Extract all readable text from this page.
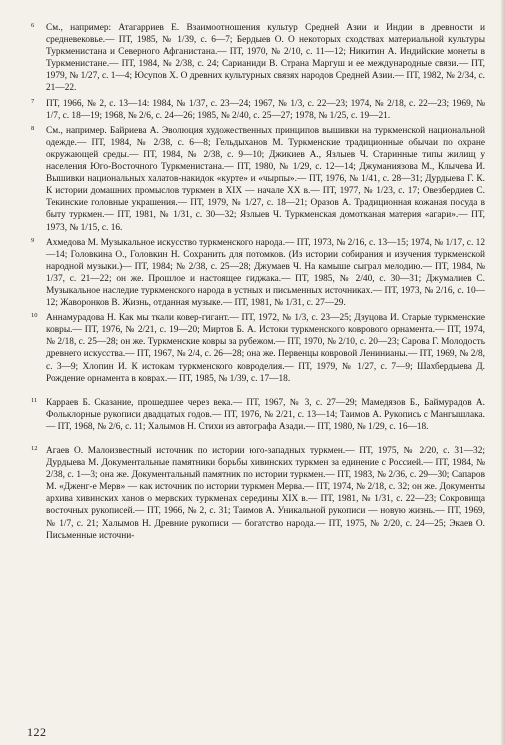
6 См., например: Атагарриев Е. Взаимоотношения культур Средней Азии и Индии в древности и средневековье.— ПТ, 1985, № 1/39, с. 6—7; Бердыев О. О некоторых сходствах материальной культуры Туркменистана и Северного Афганистана.— ПТ, 1970, № 2/10, с. 11—12; Никитин А. Индийские монеты в Туркменистане.— ПТ, 1984, № 2/38, с. 24; Сарианиди В. Страна Маргуш и ее международные связи.— ПТ, 1979, № 1/27, с. 1—4; Юсупов Х. О древних культурных связях народов Средней Азии.— ПТ, 1982, № 2/34, с. 21—22.

7 ПТ, 1966, № 2, с. 13—14: 1984, № 1/37, с. 23—24; 1967, № 1/3, с. 22—23; 1974, № 2/18, с. 22—23; 1969, № 1/7, с. 18—19; 1968, № 2/6, с. 24—26; 1985, № 2/40, с. 25—27; 1978, № 1/25, с. 19—21.

8 См., например. Байриева А. Эволюция художественных принципов вышивки на туркменской национальной одежде.— ПТ, 1984, № 2/38, с. 6—8; Гельдыханов М. Туркменские традиционные обычаи по охране окружающей среды.— ПТ, 1984, № 2/38, с. 9—10; Джикиев А., Язлыев Ч. Старинные типы жилищ у населения Юго-Восточного Туркменистана.— ПТ, 1980, № 1/29, с. 12—14; Джуманиязова М., Клычева И. Вышивки национальных халатов-накидок «курте» и «чырпы».— ПТ, 1976, № 1/41, с. 28—31; Дурдыева Г. К. К истории домашних промыслов туркмен в XIX — начале XX в.— ПТ, 1977, № 1/23, с. 17; Овезбердиев С. Текинские головные украшения.— ПТ, 1979, № 1/27, с. 18—21; Оразов А. Традиционная кожаная посуда в быту туркмен.— ПТ, 1981, № 1/31, с. 30—32; Язлыев Ч. Туркменская домотканая материя «агари».— ПТ, 1973, № 1/15, с. 16.

9 Ахмедова М. Музыкальное искусство туркменского народа.— ПТ, 1973, № 2/16, с. 13—15; 1974, № 1/17, с. 12—14; Головкина О., Головкин Н. Сохранить для потомков. (Из истории собирания и изучения туркменской народной музыки.)— ПТ, 1984; № 2/38, с. 25—28; Джумаев Ч. На камыше сыграл мелодию.— ПТ, 1984, № 1/37, с. 21—22; он же. Прошлое и настоящее гиджака.— ПТ, 1985, № 2/40, с. 30—31; Джумалиев С. Музыкальное наследие туркменского народа в устных и письменных источниках.— ПТ, 1973, № 2/16, с. 10—12; Жаворонков В. Жизнь, отданная музыке.— ПТ, 1981, № 1/31, с. 27—29.

10 Аннамурадова Н. Как мы ткали ковер-гигант.— ПТ, 1972, № 1/3, с. 23—25; Дзуцова И. Старые туркменские ковры.— ПТ, 1976, № 2/21, с. 19—20; Миртов Б. А. Истоки туркменского коврового орнамента.— ПТ, 1974, № 2/18, с. 25—28; он же. Туркменские ковры за рубежом.— ПТ, 1970, № 2/10, с. 20—23; Сарова Г. Молодость древнего искусства.— ПТ, 1967, № 2/4, с. 26—28; она же. Первенцы ковровой Ленинианы.— ПТ, 1969, № 2/8, с. 3—9; Хлопин И. К истокам туркменского ковроделия.— ПТ, 1979, № 1/27, с. 7—9; Шахбердыева Д. Рождение орнамента в коврах.— ПТ, 1985, № 1/39, с. 17—18.

11 Карраев Б. Сказание, прошедшее через века.— ПТ, 1967, № 3, с. 27—29; Мамедязов Б., Баймурадов А. Фольклорные рукописи двадцатых годов.— ПТ, 1976, № 2/21, с. 13—14; Таимов А. Рукопись с Мангышлака.— ПТ, 1968, № 2/6, с. 11; Халымов Н. Стихи из автографа Азади.— ПТ, 1980, № 1/29, с. 16—18.

12 Агаев О. Малоизвестный источник по истории юго-западных туркмен.— ПТ, 1975, № 2/20, с. 31—32; Дурдыева М. Документальные памятники борьбы хивинских туркмен за единение с Россией.— ПТ, 1984, № 2/38, с. 1—3; она же. Документальный памятник по истории туркмен.— ПТ, 1983, № 2/36, с. 29—30; Сапаров М. «Дженг-е Мерв» — как источник по истории туркмен Мерва.— ПТ, 1974, № 2/18, с. 32; он же. Документы архива хивинских ханов о мервских туркменах середины XIX в.— ПТ, 1981, № 1/31, с. 22—23; Сокровища восточных рукописей.— ПТ, 1966, № 2, с. 31; Таимов А. Уникальной рукописи — новую жизнь.— ПТ, 1969, № 1/7, с. 21; Халымов Н. Древние рукописи — богатство народа.— ПТ, 1975, № 2/20, с. 24—25; Экаев О. Письменные источни-

122
